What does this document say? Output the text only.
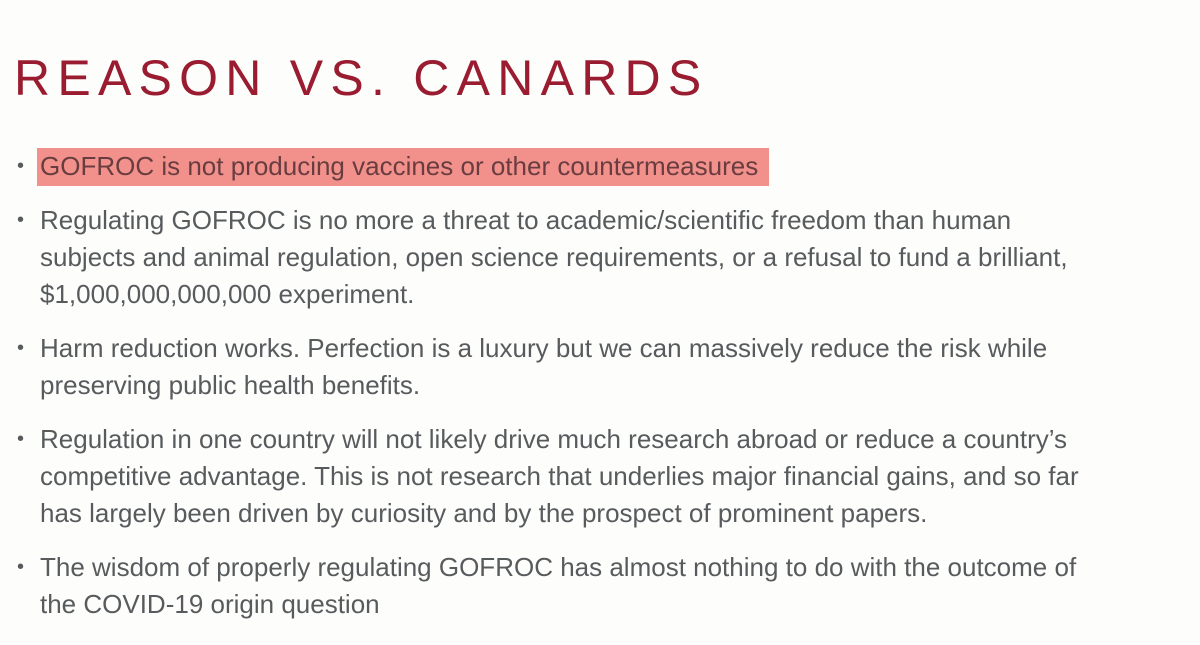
REASON VS. CANARDS
• GOFROC is not producing vaccines or other countermeasures
• Regulating GOFROC is no more a threat to academic/scientific freedom than human
subjects and animal regulation, open science requirements, or a refusal to fund a brilliant,
$1,000,000,000,000 experiment.
• Harm reduction works. Perfection is a luxury but we can massively reduce the risk while
preserving public health benefits.
• Regulation in one country will not likely drive much research abroad or reduce a country’s
competitive advantage. This is not research that underlies major financial gains, and so far
has largely been driven by curiosity and by the prospect of prominent papers.
• The wisdom of properly regulating GOFROC has almost nothing to do with the outcome of
the COVID-19 origin question
